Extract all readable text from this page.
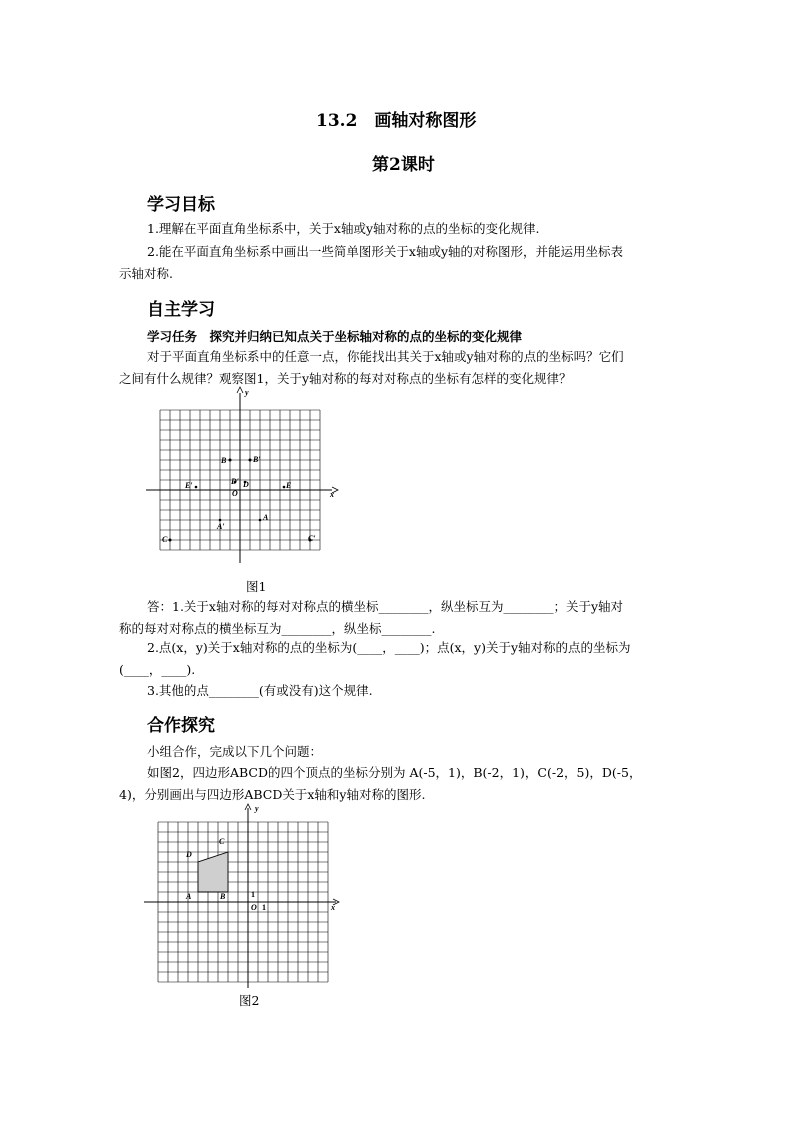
13.2　画轴对称图形
第2课时
学习目标
1.理解在平面直角坐标系中，关于x轴或y轴对称的点的坐标的变化规律.
2.能在平面直角坐标系中画出一些简单图形关于x轴或y轴的对称图形，并能运用坐标表
示轴对称.
自主学习
学习任务　探究并归纳已知点关于坐标轴对称的点的坐标的变化规律
对于平面直角坐标系中的任意一点，你能找出其关于x轴或y轴对称的点的坐标吗？它们
之间有什么规律？观察图1，关于y轴对称的每对对称点的坐标有怎样的变化规律？
y
x
B	B′
D′ D
O
E′	E
A′
A
C	C′
图1
答：1.关于x轴对称的每对对称点的横坐标________，纵坐标互为________；关于y轴对
称的每对对称点的横坐标互为________，纵坐标________.
2.点(x，y)关于x轴对称的点的坐标为(____，____)；点(x，y)关于y轴对称的点的坐标为
(____，____).
3.其他的点________(有或没有)这个规律.
合作探究
小组合作，完成以下几个问题：
如图2，四边形ABCD的四个顶点的坐标分别为 A(-5，1)，B(-2，1)，C(-2，5)，D(-5，
4)，分别画出与四边形ABCD关于x轴和y轴对称的图形.
y
x
C
D
A	B
O 1
1
图2
